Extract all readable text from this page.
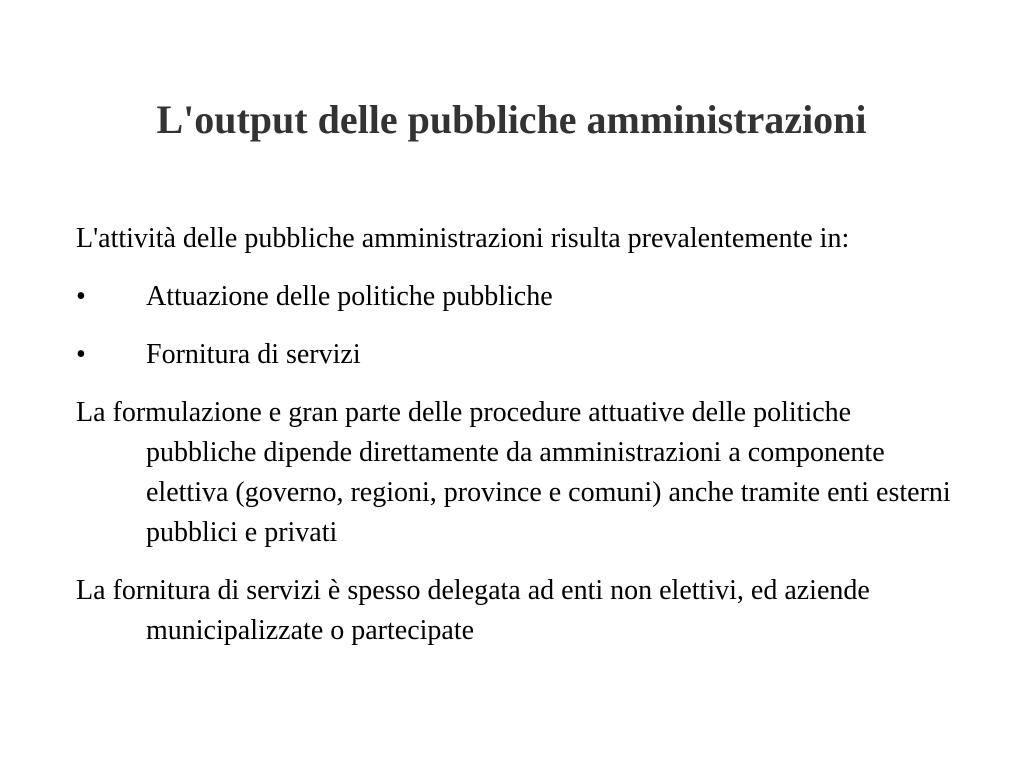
L'output delle pubbliche amministrazioni

L'attività delle pubbliche amministrazioni risulta prevalentemente in:

•	Attuazione delle politiche pubbliche
•	Fornitura di servizi

La formulazione e gran parte delle procedure attuative delle politiche pubbliche dipende direttamente da amministrazioni a componente elettiva (governo, regioni, province e comuni) anche tramite enti esterni pubblici e privati

La fornitura di servizi è spesso delegata ad enti non elettivi, ed aziende municipalizzate o partecipate
